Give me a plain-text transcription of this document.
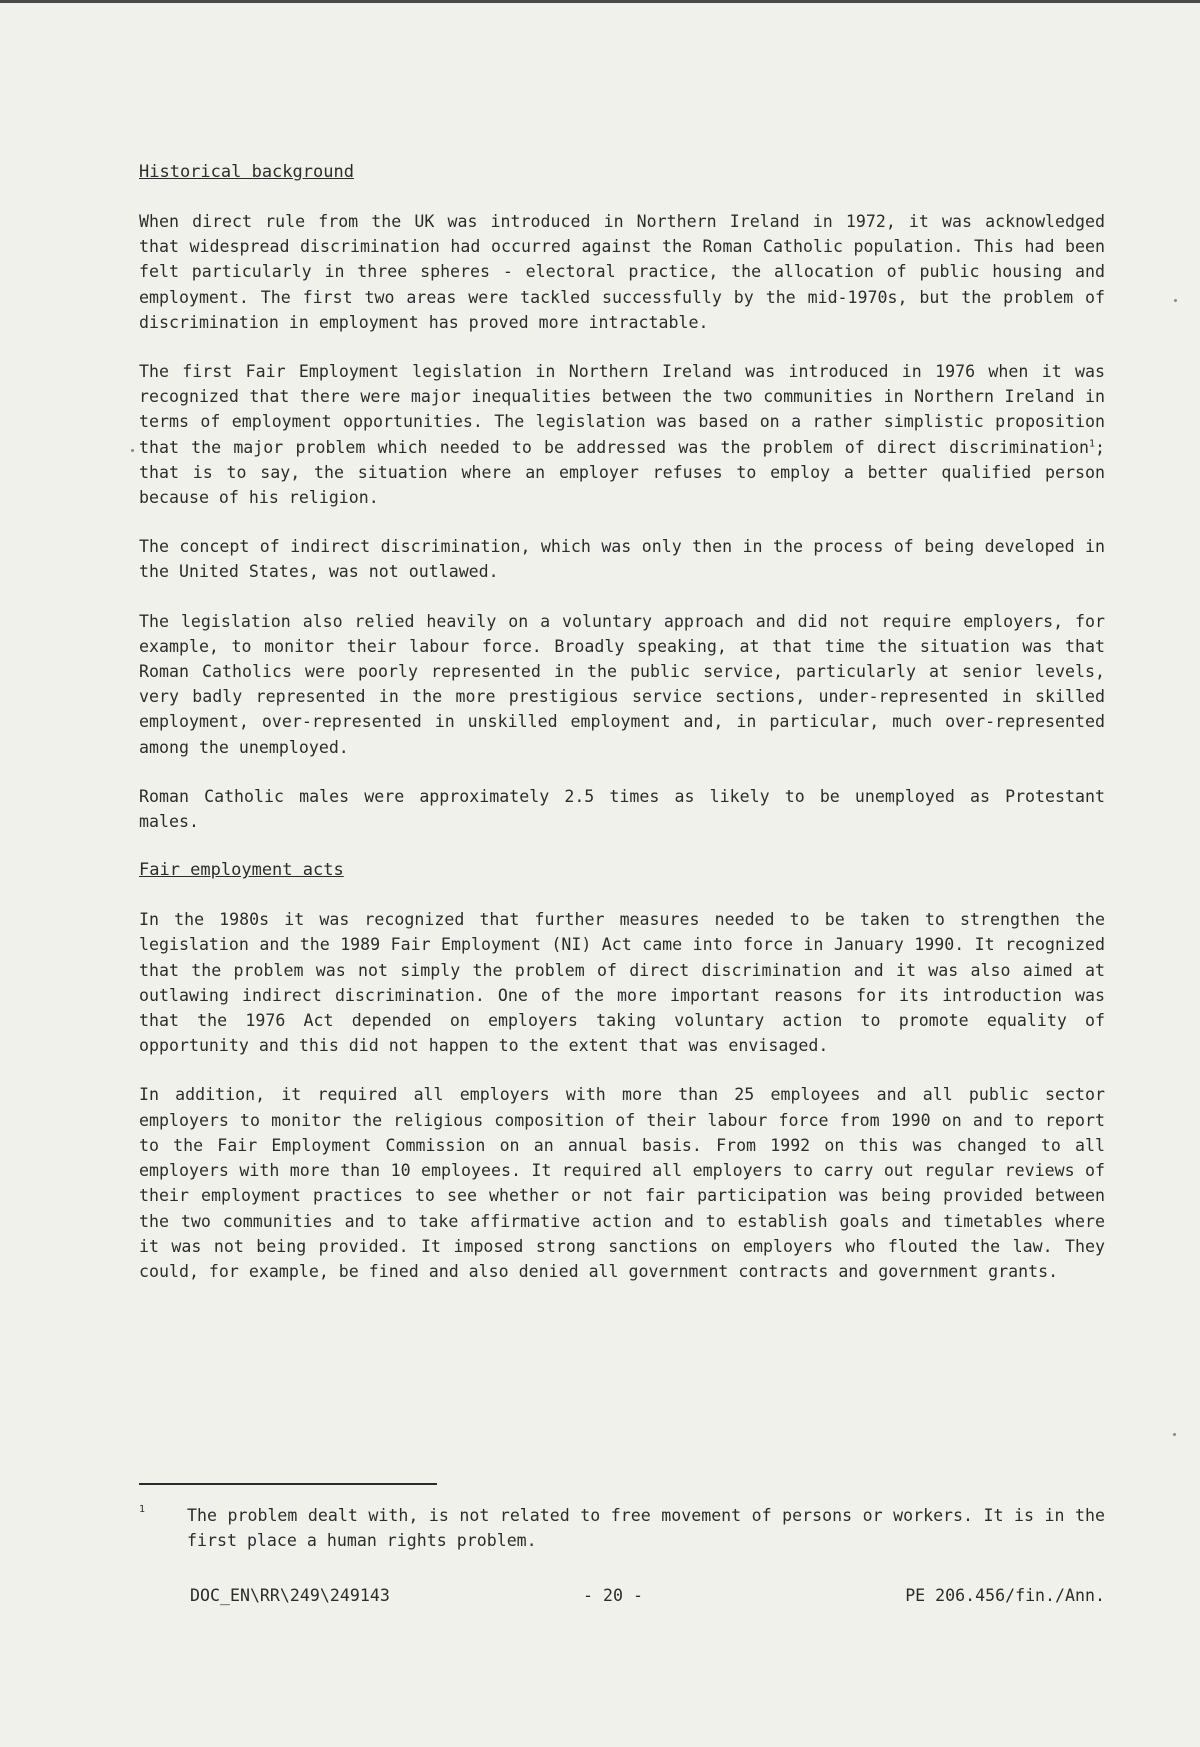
Historical background

When direct rule from the UK was introduced in Northern Ireland in 1972, it was acknowledged that widespread discrimination had occurred against the Roman Catholic population. This had been felt particularly in three spheres - electoral practice, the allocation of public housing and employment. The first two areas were tackled successfully by the mid-1970s, but the problem of discrimination in employment has proved more intractable.

The first Fair Employment legislation in Northern Ireland was introduced in 1976 when it was recognized that there were major inequalities between the two communities in Northern Ireland in terms of employment opportunities. The legislation was based on a rather simplistic proposition that the major problem which needed to be addressed was the problem of direct discrimination$^1$; that is to say, the situation where an employer refuses to employ a better qualified person because of his religion.

The concept of indirect discrimination, which was only then in the process of being developed in the United States, was not outlawed.

The legislation also relied heavily on a voluntary approach and did not require employers, for example, to monitor their labour force. Broadly speaking, at that time the situation was that Roman Catholics were poorly represented in the public service, particularly at senior levels, very badly represented in the more prestigious service sections, under-represented in skilled employment, over-represented in unskilled employment and, in particular, much over-represented among the unemployed.

Roman Catholic males were approximately 2.5 times as likely to be unemployed as Protestant males.

Fair employment acts

In the 1980s it was recognized that further measures needed to be taken to strengthen the legislation and the 1989 Fair Employment (NI) Act came into force in January 1990. It recognized that the problem was not simply the problem of direct discrimination and it was also aimed at outlawing indirect discrimination. One of the more important reasons for its introduction was that the 1976 Act depended on employers taking voluntary action to promote equality of opportunity and this did not happen to the extent that was envisaged.

In addition, it required all employers with more than 25 employees and all public sector employers to monitor the religious composition of their labour force from 1990 on and to report to the Fair Employment Commission on an annual basis. From 1992 on this was changed to all employers with more than 10 employees. It required all employers to carry out regular reviews of their employment practices to see whether or not fair participation was being provided between the two communities and to take affirmative action and to establish goals and timetables where it was not being provided. It imposed strong sanctions on employers who flouted the law. They could, for example, be fined and also denied all government contracts and government grants.

1	The problem dealt with, is not related to free movement of persons or workers. It is in the first place a human rights problem.
DOC_EN\RR\249\249143	- 20 -	PE 206.456/fin./Ann.
